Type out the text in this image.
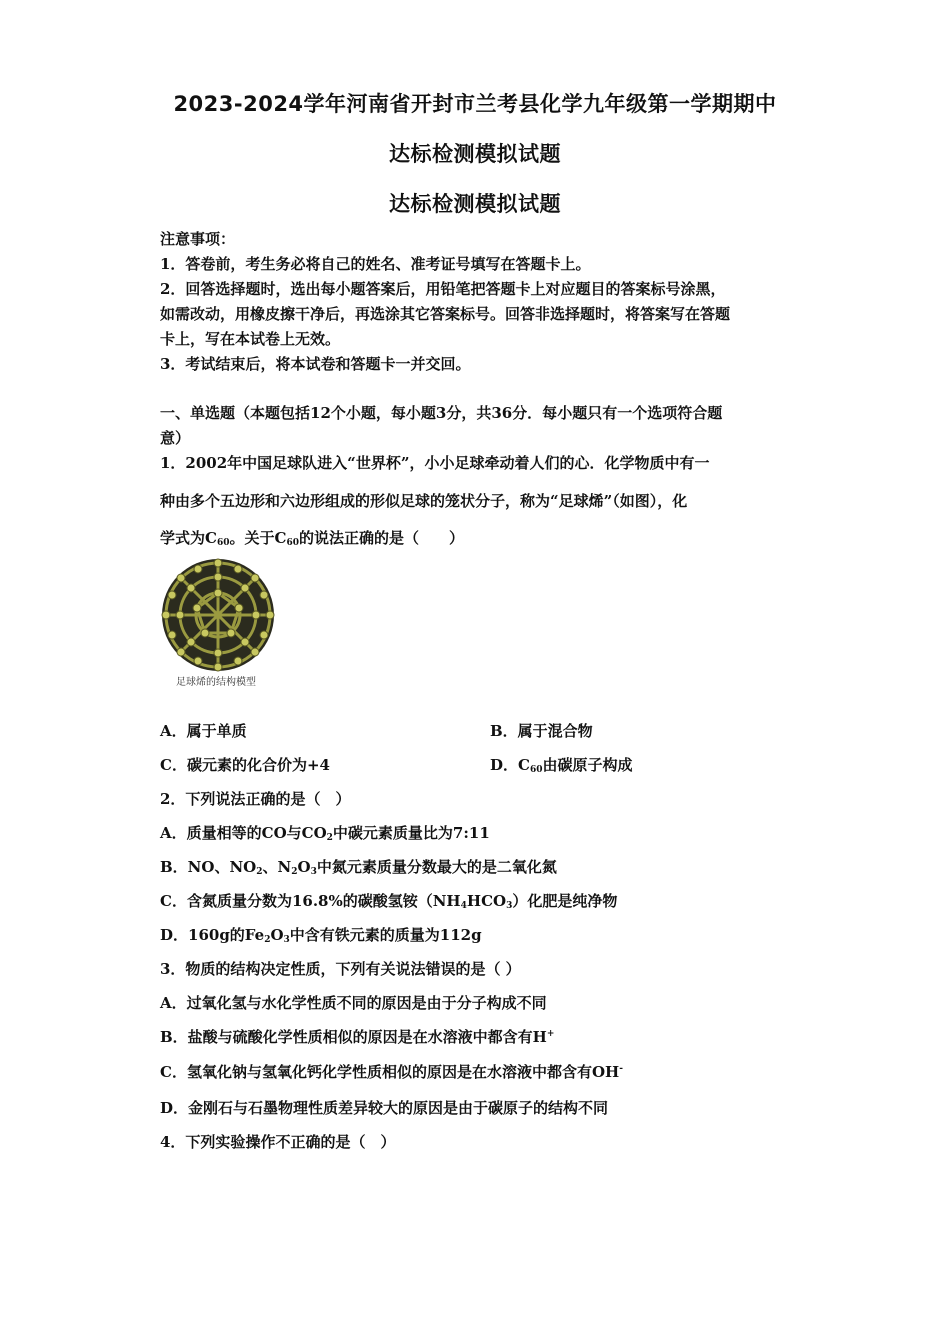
2023-2024学年河南省开封市兰考县化学九年级第一学期期中
达标检测模拟试题
达标检测模拟试题
注意事项：
1．答卷前，考生务必将自己的姓名、准考证号填写在答题卡上。
2．回答选择题时，选出每小题答案后，用铅笔把答题卡上对应题目的答案标号涂黑，
如需改动，用橡皮擦干净后，再选涂其它答案标号。回答非选择题时，将答案写在答题
卡上，写在本试卷上无效。
3．考试结束后，将本试卷和答题卡一并交回。
一、单选题（本题包括12个小题，每小题3分，共36分．每小题只有一个选项符合题
意）
1．2002年中国足球队进入“世界杯”，小小足球牵动着人们的心．化学物质中有一
种由多个五边形和六边形组成的形似足球的笼状分子，称为“足球烯”（如图），化
学式为$C_{60}$。关于$C_{60}$的说法正确的是（　　）
足球烯的结构模型
A．属于单质	B．属于混合物
C．碳元素的化合价为+4	D．$C_{60}$由碳原子构成
2．下列说法正确的是（　）
A．质量相等的CO与$CO_2$中碳元素质量比为7:11
B．NO、$NO_2$、$N_2O_3$中氮元素质量分数最大的是二氧化氮
C．含氮质量分数为16.8%的碳酸氢铵$(NH_4HCO_3)$化肥是纯净物
D．160g的$Fe_2O_3$中含有铁元素的质量为112g
3．物质的结构决定性质，下列有关说法错误的是（ ）
A．过氧化氢与水化学性质不同的原因是由于分子构成不同
B．盐酸与硫酸化学性质相似的原因是在水溶液中都含有H+
C．氢氧化钠与氢氧化钙化学性质相似的原因是在水溶液中都含有OH-
D．金刚石与石墨物理性质差异较大的原因是由于碳原子的结构不同
4．下列实验操作不正确的是（　）
